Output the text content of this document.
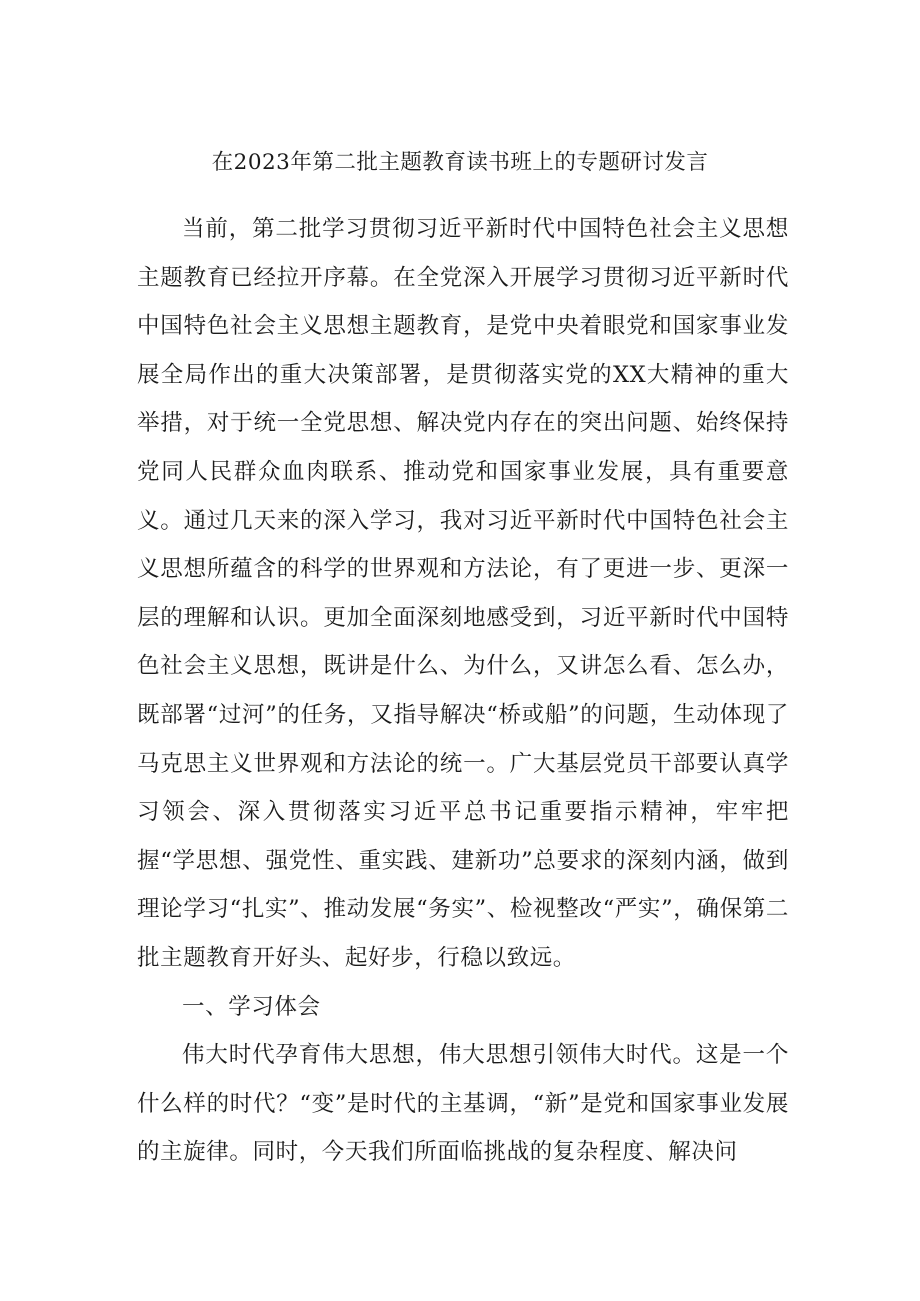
在2023年第二批主题教育读书班上的专题研讨发言

当前，第二批学习贯彻习近平新时代中国特色社会主义思想主题教育已经拉开序幕。在全党深入开展学习贯彻习近平新时代中国特色社会主义思想主题教育，是党中央着眼党和国家事业发展全局作出的重大决策部署，是贯彻落实党的XX大精神的重大举措，对于统一全党思想、解决党内存在的突出问题、始终保持党同人民群众血肉联系、推动党和国家事业发展，具有重要意义。通过几天来的深入学习，我对习近平新时代中国特色社会主义思想所蕴含的科学的世界观和方法论，有了更进一步、更深一层的理解和认识。更加全面深刻地感受到，习近平新时代中国特色社会主义思想，既讲是什么、为什么，又讲怎么看、怎么办，既部署“过河”的任务，又指导解决“桥或船”的问题，生动体现了马克思主义世界观和方法论的统一。广大基层党员干部要认真学习领会、深入贯彻落实习近平总书记重要指示精神，牢牢把握“学思想、强党性、重实践、建新功”总要求的深刻内涵，做到理论学习“扎实”、推动发展“务实”、检视整改“严实”，确保第二批主题教育开好头、起好步，行稳以致远。

一、学习体会

伟大时代孕育伟大思想，伟大思想引领伟大时代。这是一个什么样的时代？“变”是时代的主基调，“新”是党和国家事业发展的主旋律。同时，今天我们所面临挑战的复杂程度、解决问
